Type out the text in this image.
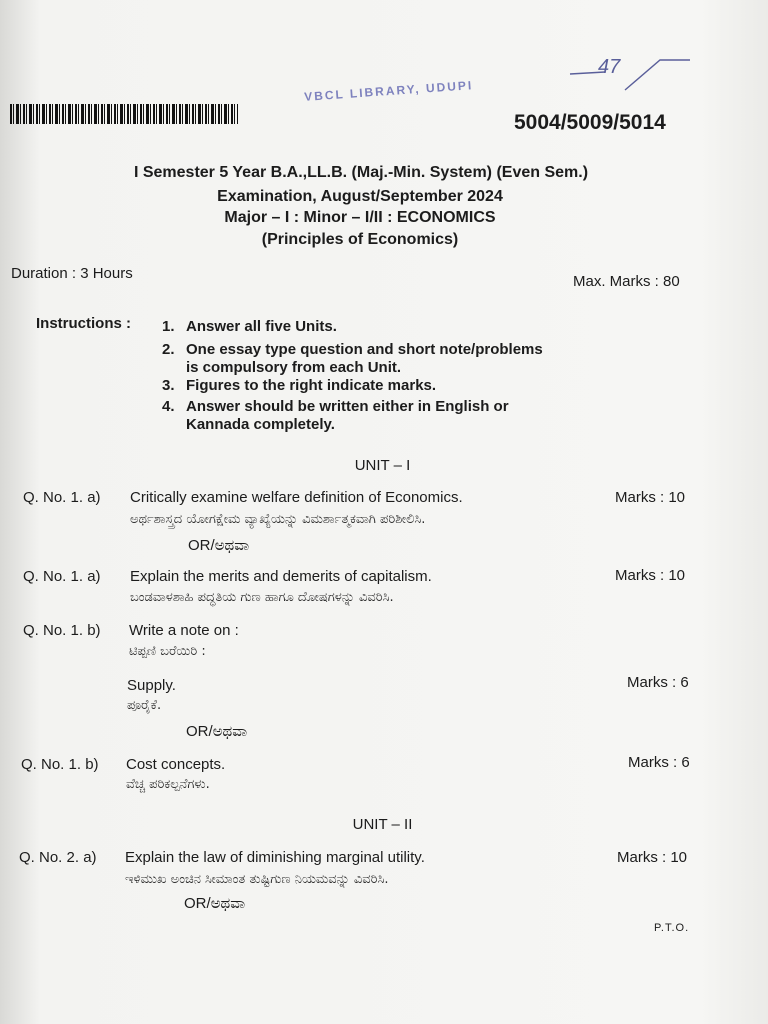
VBCL LIBRARY, UDUPI
47
5004/5009/5014
I Semester 5 Year B.A.,LL.B. (Maj.-Min. System) (Even Sem.)
Examination, August/September 2024
Major – I : Minor – I/II : ECONOMICS
(Principles of Economics)
Duration : 3 Hours	Max. Marks : 80
Instructions : 1. Answer all five Units.
2. One essay type question and short note/problems
is compulsory from each Unit.
3. Figures to the right indicate marks.
4. Answer should be written either in English or
Kannada completely.
UNIT – I
Q. No. 1. a) Critically examine welfare definition of Economics.	Marks : 10
ಅರ್ಥಶಾಸ್ತ್ರದ ಯೋಗಕ್ಷೇಮ ವ್ಯಾಖ್ಯೆಯನ್ನು ವಿಮರ್ಶಾತ್ಮಕವಾಗಿ ಪರಿಶೀಲಿಸಿ.
OR/ಅಥವಾ
Q. No. 1. a) Explain the merits and demerits of capitalism.	Marks : 10
ಬಂಡವಾಳಶಾಹಿ ಪದ್ಧತಿಯ ಗುಣ ಹಾಗೂ ದೋಷಗಳನ್ನು ವಿವರಿಸಿ.
Q. No. 1. b) Write a note on :
ಟಿಪ್ಪಣಿ ಬರೆಯಿರಿ :
Supply.	Marks : 6
ಪೂರೈಕೆ.
OR/ಅಥವಾ
Q. No. 1. b) Cost concepts.	Marks : 6
ವೆಚ್ಚ ಪರಿಕಲ್ಪನೆಗಳು.
UNIT – II
Q. No. 2. a) Explain the law of diminishing marginal utility.	Marks : 10
ಇಳಿಮುಖ ಅಂಚಿನ ಸೀಮಾಂತ ತುಷ್ಟಿಗುಣ ನಿಯಮವನ್ನು ವಿವರಿಸಿ.
OR/ಅಥವಾ
P.T.O.
